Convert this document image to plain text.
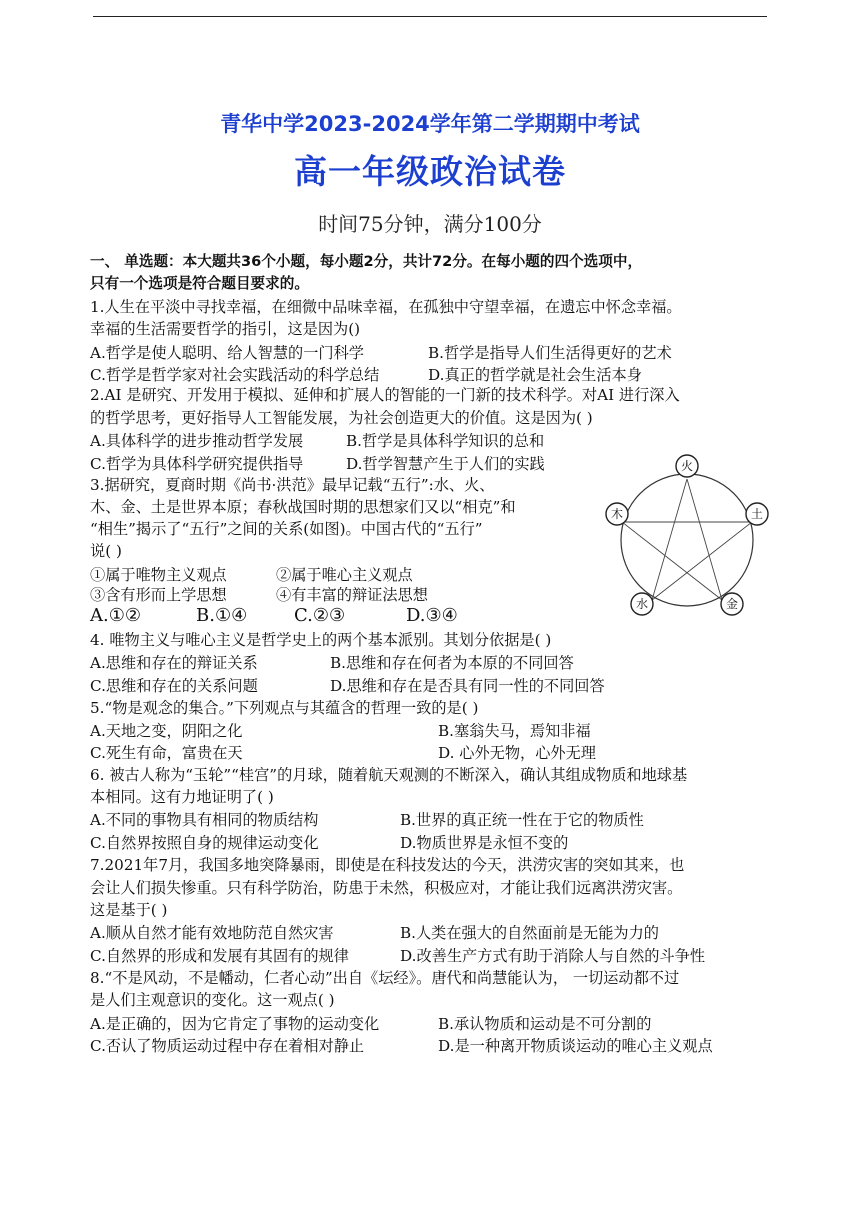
青华中学2023-2024学年第二学期期中考试
高一年级政治试卷
时间75分钟，满分100分
一、 单选题：本大题共36个小题，每小题2分，共计72分。在每小题的四个选项中，
只有一个选项是符合题目要求的。
1.人生在平淡中寻找幸福，在细微中品味幸福，在孤独中守望幸福，在遗忘中怀念幸福。
幸福的生活需要哲学的指引，这是因为()
A.哲学是使人聪明、给人智慧的一门科学	B.哲学是指导人们生活得更好的艺术
C.哲学是哲学家对社会实践活动的科学总结	D.真正的哲学就是社会生活本身
2.AI 是研究、开发用于模拟、延伸和扩展人的智能的一门新的技术科学。对AI 进行深入
的哲学思考，更好指导人工智能发展，为社会创造更大的价值。这是因为( )
A.具体科学的进步推动哲学发展	B.哲学是具体科学知识的总和
C.哲学为具体科学研究提供指导	D.哲学智慧产生于人们的实践
3.据研究，夏商时期《尚书·洪范》最早记载“五行”:水、火、
木、金、土是世界本原；春秋战国时期的思想家们又以“相克”和
“相生”揭示了“五行”之间的关系(如图)。中国古代的“五行”
说( )
①属于唯物主义观点	②属于唯心主义观点
③含有形而上学思想	④有丰富的辩证法思想
A.①②	B.①④	C.②③	D.③④
火
土
金
水
木
4. 唯物主义与唯心主义是哲学史上的两个基本派别。其划分依据是( )
A.思维和存在的辩证关系	B.思维和存在何者为本原的不同回答
C.思维和存在的关系问题	D.思维和存在是否具有同一性的不同回答
5.“物是观念的集合。”下列观点与其蕴含的哲理一致的是( )
A.天地之变，阴阳之化	B.塞翁失马，焉知非福
C.死生有命，富贵在天	D. 心外无物，心外无理
6. 被古人称为“玉轮”“桂宫”的月球，随着航天观测的不断深入，确认其组成物质和地球基
本相同。这有力地证明了( )
A.不同的事物具有相同的物质结构	B.世界的真正统一性在于它的物质性
C.自然界按照自身的规律运动变化	D.物质世界是永恒不变的
7.2021年7月，我国多地突降暴雨，即使是在科技发达的今天，洪涝灾害的突如其来，也
会让人们损失惨重。只有科学防治，防患于未然，积极应对，才能让我们远离洪涝灾害。
这是基于( )
A.顺从自然才能有效地防范自然灾害	B.人类在强大的自然面前是无能为力的
C.自然界的形成和发展有其固有的规律	D.改善生产方式有助于消除人与自然的斗争性
8.“不是风动，不是幡动，仁者心动”出自《坛经》。唐代和尚慧能认为， 一切运动都不过
是人们主观意识的变化。这一观点( )
A.是正确的，因为它肯定了事物的运动变化	B.承认物质和运动是不可分割的
C.否认了物质运动过程中存在着相对静止	D.是一种离开物质谈运动的唯心主义观点
